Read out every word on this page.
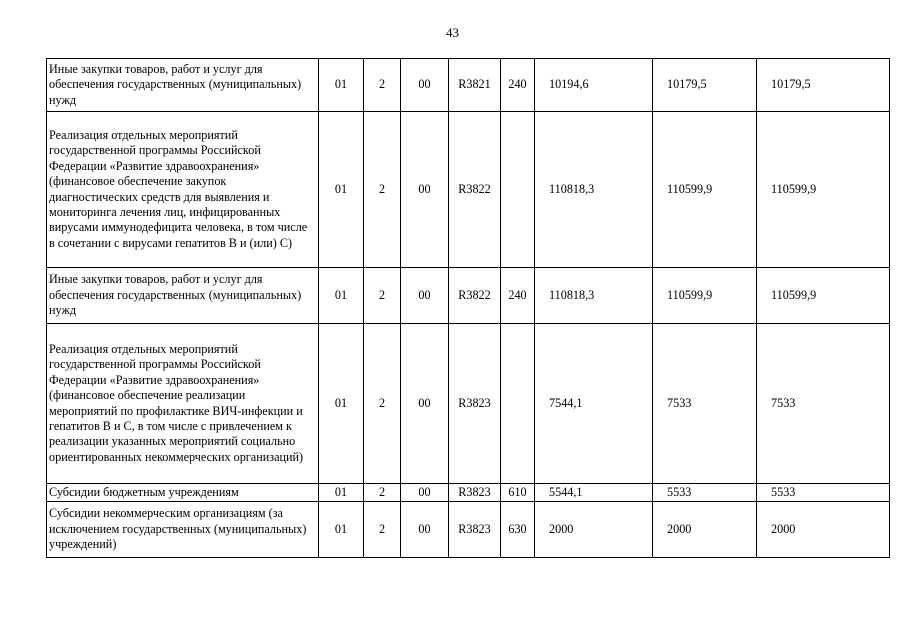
43
Иные закупки товаров, работ и услуг для обеспечения государственных (муниципальных) нужд	01	2	00	R3821	240	10194,6	10179,5	10179,5
Реализация отдельных мероприятий государственной программы Российской Федерации «Развитие здравоохранения» (финансовое обеспечение закупок диагностических средств для выявления и мониторинга лечения лиц, инфицированных вирусами иммунодефицита человека, в том числе в сочетании с вирусами гепатитов В и (или) С)	01	2	00	R3822		110818,3	110599,9	110599,9
Иные закупки товаров, работ и услуг для обеспечения государственных (муниципальных) нужд	01	2	00	R3822	240	110818,3	110599,9	110599,9
Реализация отдельных мероприятий государственной программы Российской Федерации «Развитие здравоохранения» (финансовое обеспечение реализации мероприятий по профилактике ВИЧ-инфекции и гепатитов В и С, в том числе с привлечением к реализации указанных мероприятий социально ориентированных некоммерческих организаций)	01	2	00	R3823		7544,1	7533	7533
Субсидии бюджетным учреждениям	01	2	00	R3823	610	5544,1	5533	5533
Субсидии некоммерческим организациям (за исключением государственных (муниципальных) учреждений)	01	2	00	R3823	630	2000	2000	2000
